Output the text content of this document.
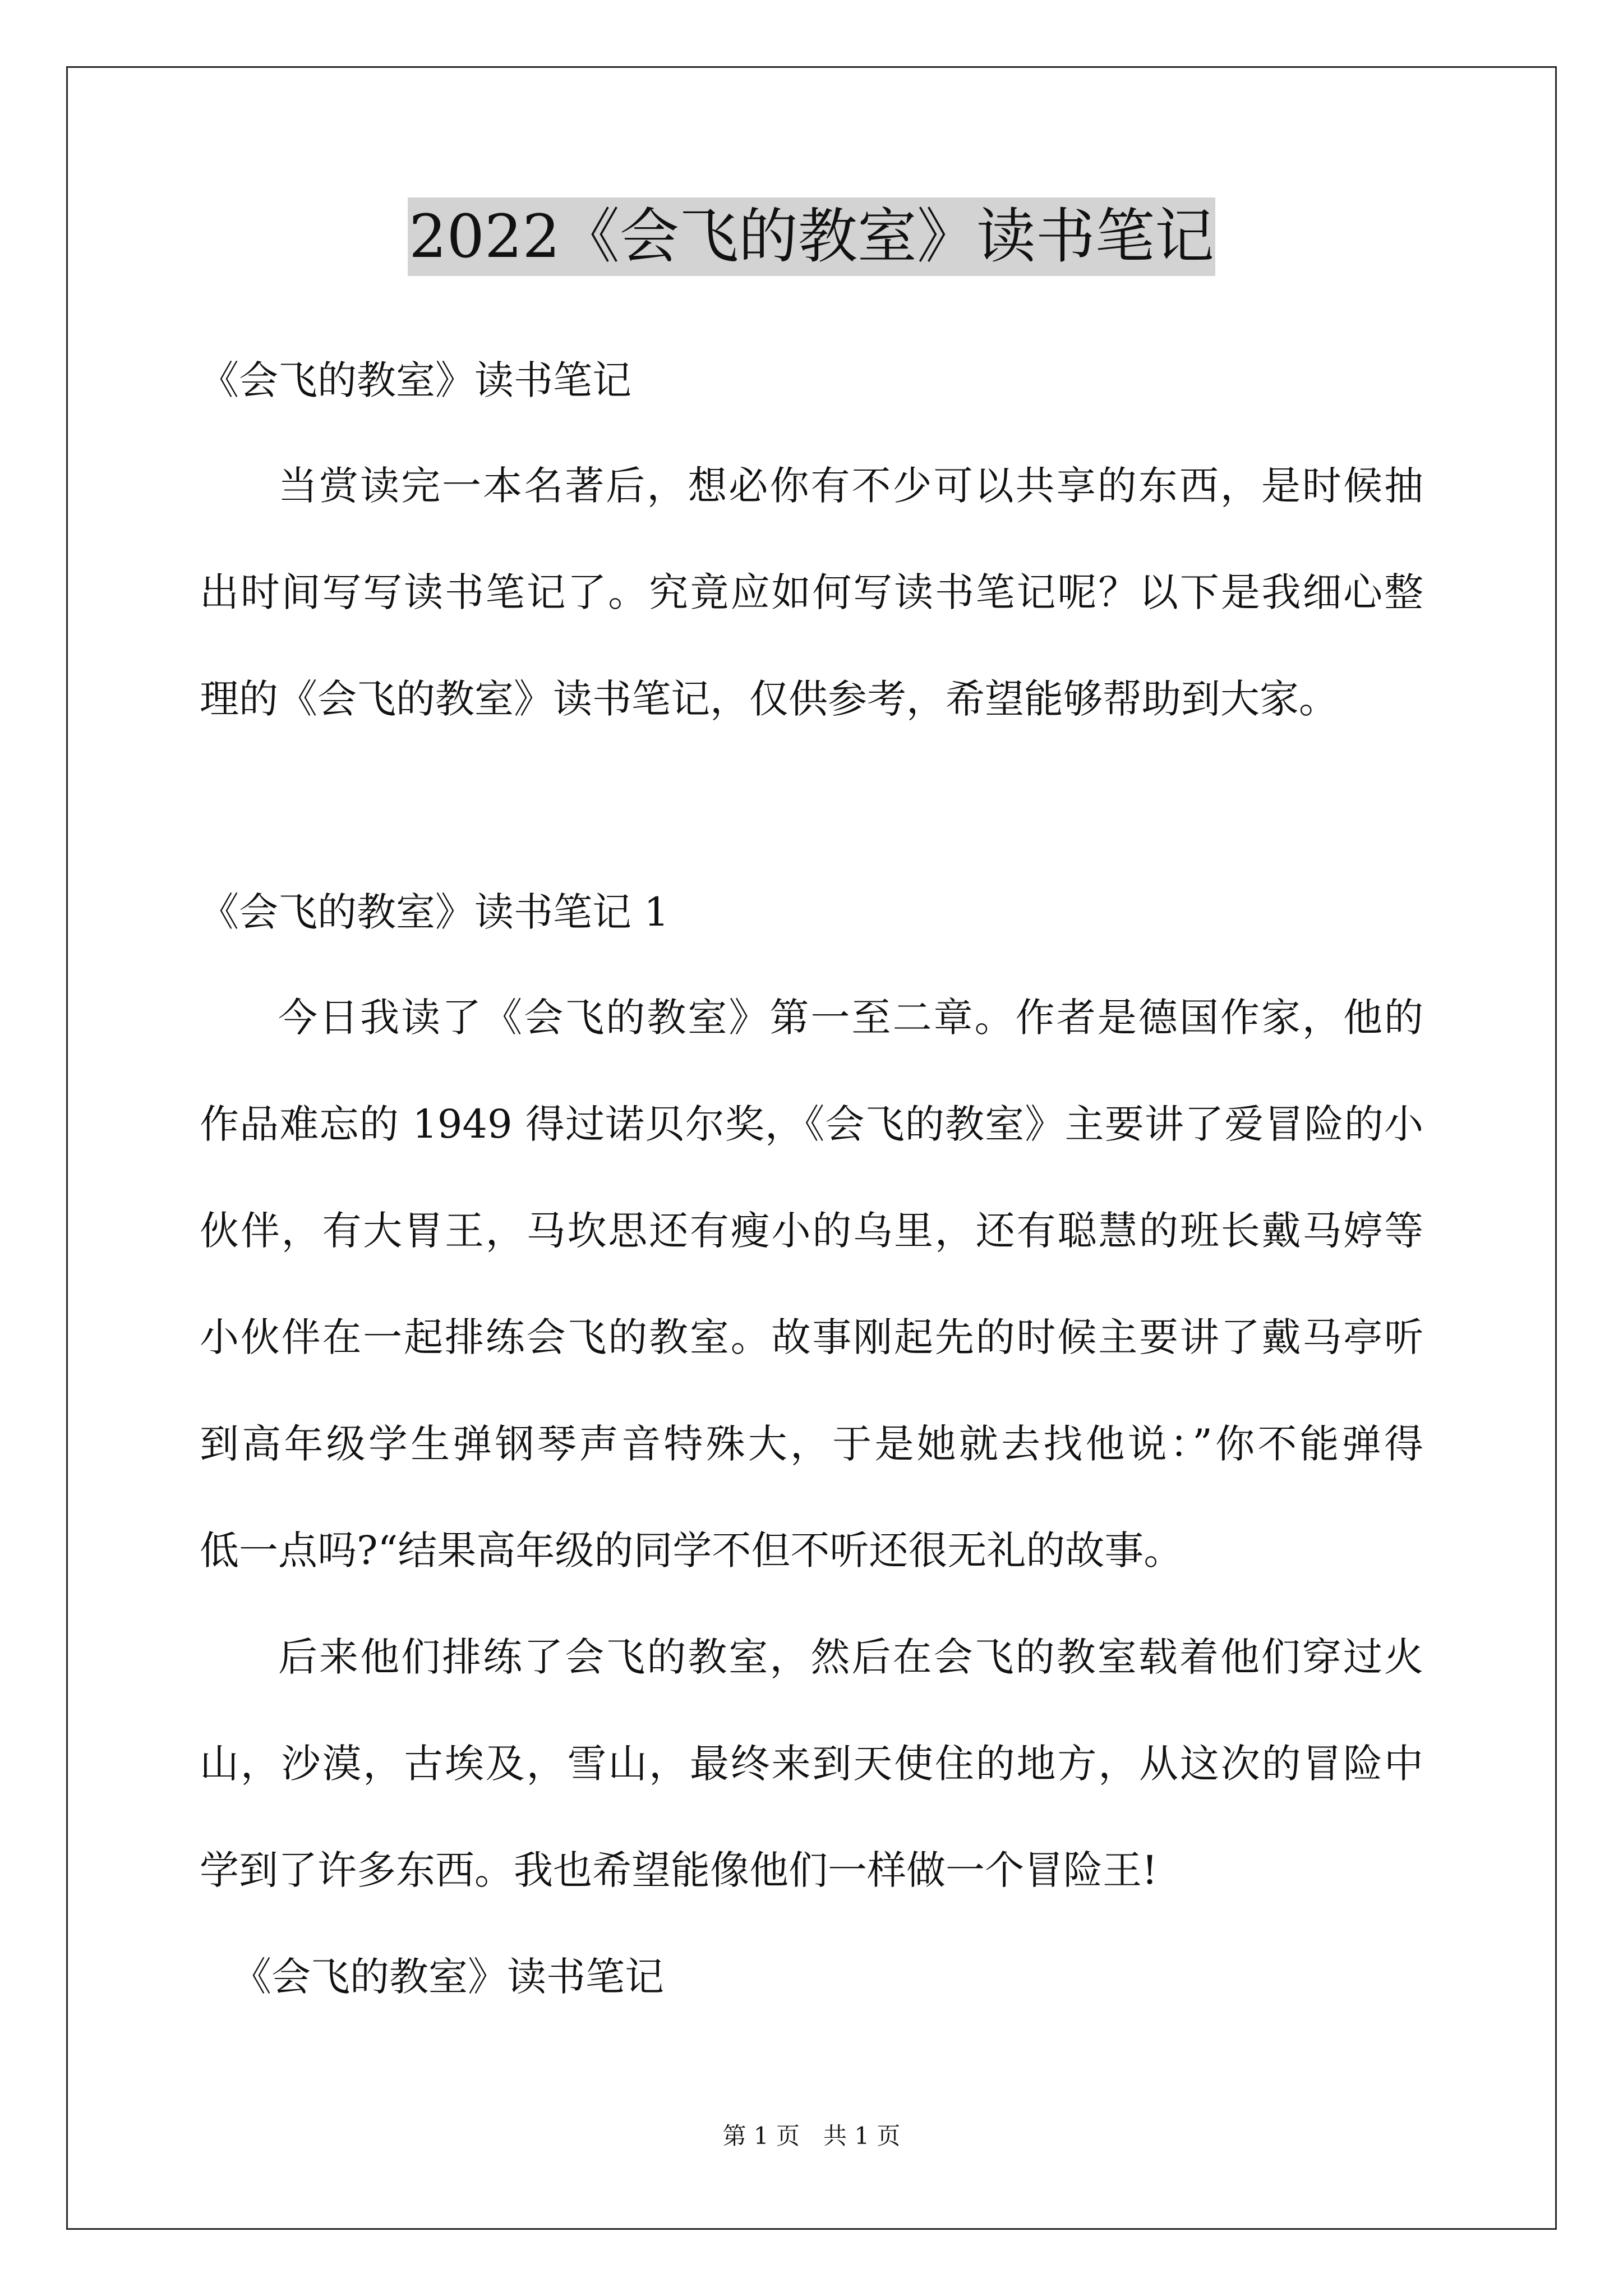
2022《会飞的教室》读书笔记
《会飞的教室》读书笔记
当赏读完一本名著后，想必你有不少可以共享的东西，是时候抽
出时间写写读书笔记了。究竟应如何写读书笔记呢？以下是我细心整
理的《会飞的教室》读书笔记，仅供参考，希望能够帮助到大家。
《会飞的教室》读书笔记 1
今日我读了《会飞的教室》第一至二章。作者是德国作家，他的
作品难忘的 1949 得过诺贝尔奖，《会飞的教室》主要讲了爱冒险的小
伙伴，有大胃王，马坎思还有瘦小的乌里，还有聪慧的班长戴马婷等
小伙伴在一起排练会飞的教室。故事刚起先的时候主要讲了戴马亭听
到高年级学生弹钢琴声音特殊大，于是她就去找他说：”你不能弹得
低一点吗?“结果高年级的同学不但不听还很无礼的故事。
后来他们排练了会飞的教室，然后在会飞的教室载着他们穿过火
山，沙漠，古埃及，雪山，最终来到天使住的地方，从这次的冒险中
学到了许多东西。我也希望能像他们一样做一个冒险王!
《会飞的教室》读书笔记
第 1 页　共 1 页
